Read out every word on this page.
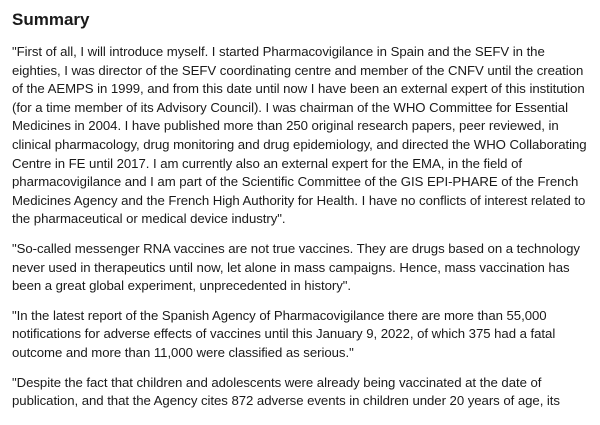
Summary

"First of all, I will introduce myself. I started Pharmacovigilance in Spain and the SEFV in the eighties, I was director of the SEFV coordinating centre and member of the CNFV until the creation of the AEMPS in 1999, and from this date until now I have been an external expert of this institution (for a time member of its Advisory Council). I was chairman of the WHO Committee for Essential Medicines in 2004. I have published more than 250 original research papers, peer reviewed, in clinical pharmacology, drug monitoring and drug epidemiology, and directed the WHO Collaborating Centre in FE until 2017. I am currently also an external expert for the EMA, in the field of pharmacovigilance and I am part of the Scientific Committee of the GIS EPI-PHARE of the French Medicines Agency and the French High Authority for Health. I have no conflicts of interest related to the pharmaceutical or medical device industry".

"So-called messenger RNA vaccines are not true vaccines. They are drugs based on a technology never used in therapeutics until now, let alone in mass campaigns. Hence, mass vaccination has been a great global experiment, unprecedented in history".

"In the latest report of the Spanish Agency of Pharmacovigilance there are more than 55,000 notifications for adverse effects of vaccines until this January 9, 2022, of which 375 had a fatal outcome and more than 11,000 were classified as serious."

"Despite the fact that children and adolescents were already being vaccinated at the date of publication, and that the Agency cites 872 adverse events in children under 20 years of age, its
